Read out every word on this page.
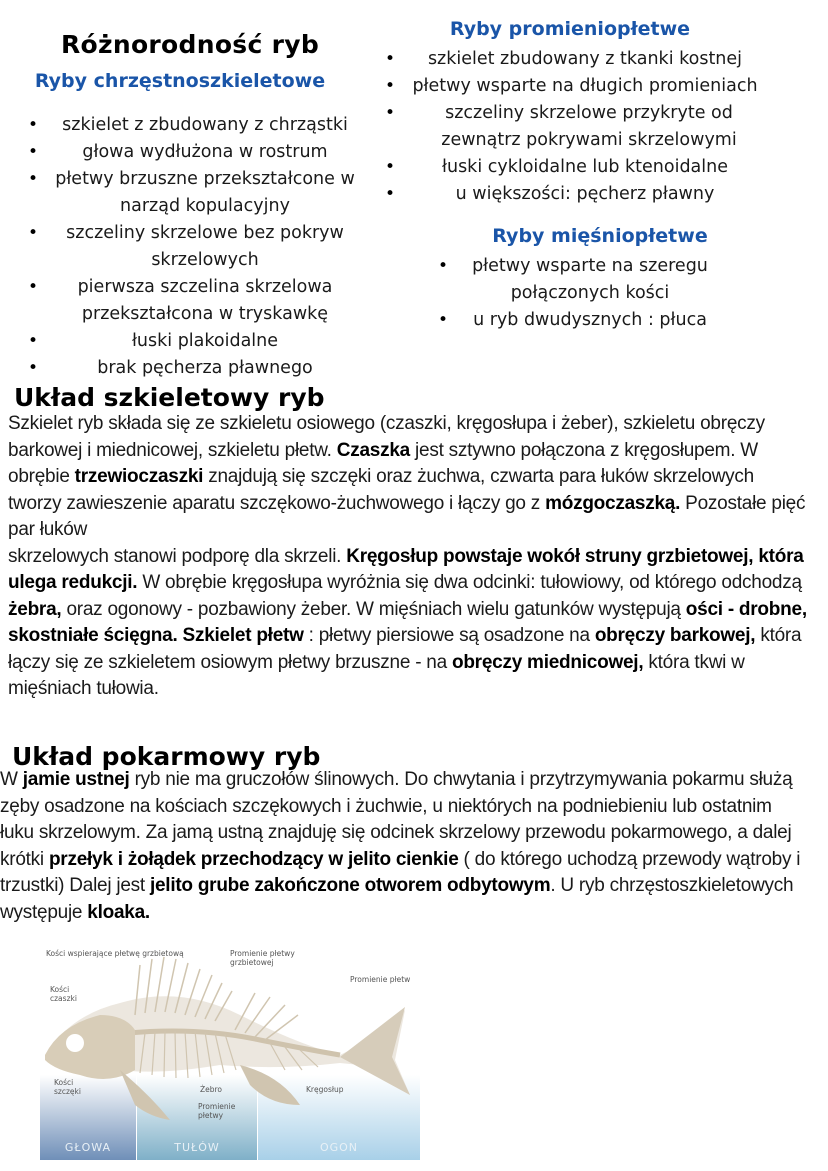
Różnorodność ryb
Ryby chrzęstnoszkieletowe
• szkielet z zbudowany z chrząstki
•	głowa wydłużona w rostrum
• płetwy brzuszne przekształcone w narząd kopulacyjny
• szczeliny skrzelowe bez pokryw skrzelowych
• pierwsza szczelina skrzelowa przekształcona w tryskawkę
•	łuski plakoidalne
•	brak pęcherza pławnego
Ryby promieniopłetwe
• szkielet zbudowany z tkanki kostnej
• płetwy wsparte na długich promieniach
•	szczeliny skrzelowe przykryte od zewnątrz pokrywami skrzelowymi
•	łuski cykloidalne lub ktenoidalne
•	u większości: pęcherz pławny
Ryby mięśniopłetwe
• płetwy wsparte na szeregu połączonych kości
• u ryb dwudysznych : płuca
Układ szkieletowy ryb
Szkielet ryb składa się ze szkieletu osiowego (czaszki, kręgosłupa i żeber), szkieletu obręczy barkowej i miednicowej, szkieletu płetw. Czaszka jest sztywno połączona z kręgosłupem. W obrębie trzewioczaszki znajdują się szczęki oraz żuchwa, czwarta para łuków skrzelowych tworzy zawieszenie aparatu szczękowo-żuchwowego i łączy go z mózgoczaszką. Pozostałe pięć par łuków
skrzelowych stanowi podporę dla skrzeli. Kręgosłup powstaje wokół struny grzbietowej, która ulega redukcji. W obrębie kręgosłupa wyróżnia się dwa odcinki: tułowiowy, od którego odchodzą żebra, oraz ogonowy - pozbawiony żeber. W mięśniach wielu gatunków występują ości - drobne, skostniałe ścięgna. Szkielet płetw : płetwy piersiowe są osadzone na obręczy barkowej, która łączy się ze szkieletem osiowym płetwy brzuszne - na obręczy miednicowej, która tkwi w mięśniach tułowia.
Układ pokarmowy ryb
W jamie ustnej ryb nie ma gruczołów ślinowych. Do chwytania i przytrzymywania pokarmu służą zęby osadzone na kościach szczękowych i żuchwie, u niektórych na podniebieniu lub ostatnim łuku skrzelowym. Za jamą ustną znajduję się odcinek skrzelowy przewodu pokarmowego, a dalej krótki przełyk i żołądek przechodzący w jelito cienkie ( do którego uchodzą przewody wątroby i trzustki) Dalej jest jelito grube zakończone otworem odbytowym. U ryb chrzęstoszkieletowych występuje kloaka.
Kości wspierające płetwę grzbietową	Promienie płetwy grzbietowej
Promienie płetw
Kości czaszki
Kości szczęki	Żebro
Promienie płetwy
Kręgosłup
GŁOWA	TUŁÓW	OGON
